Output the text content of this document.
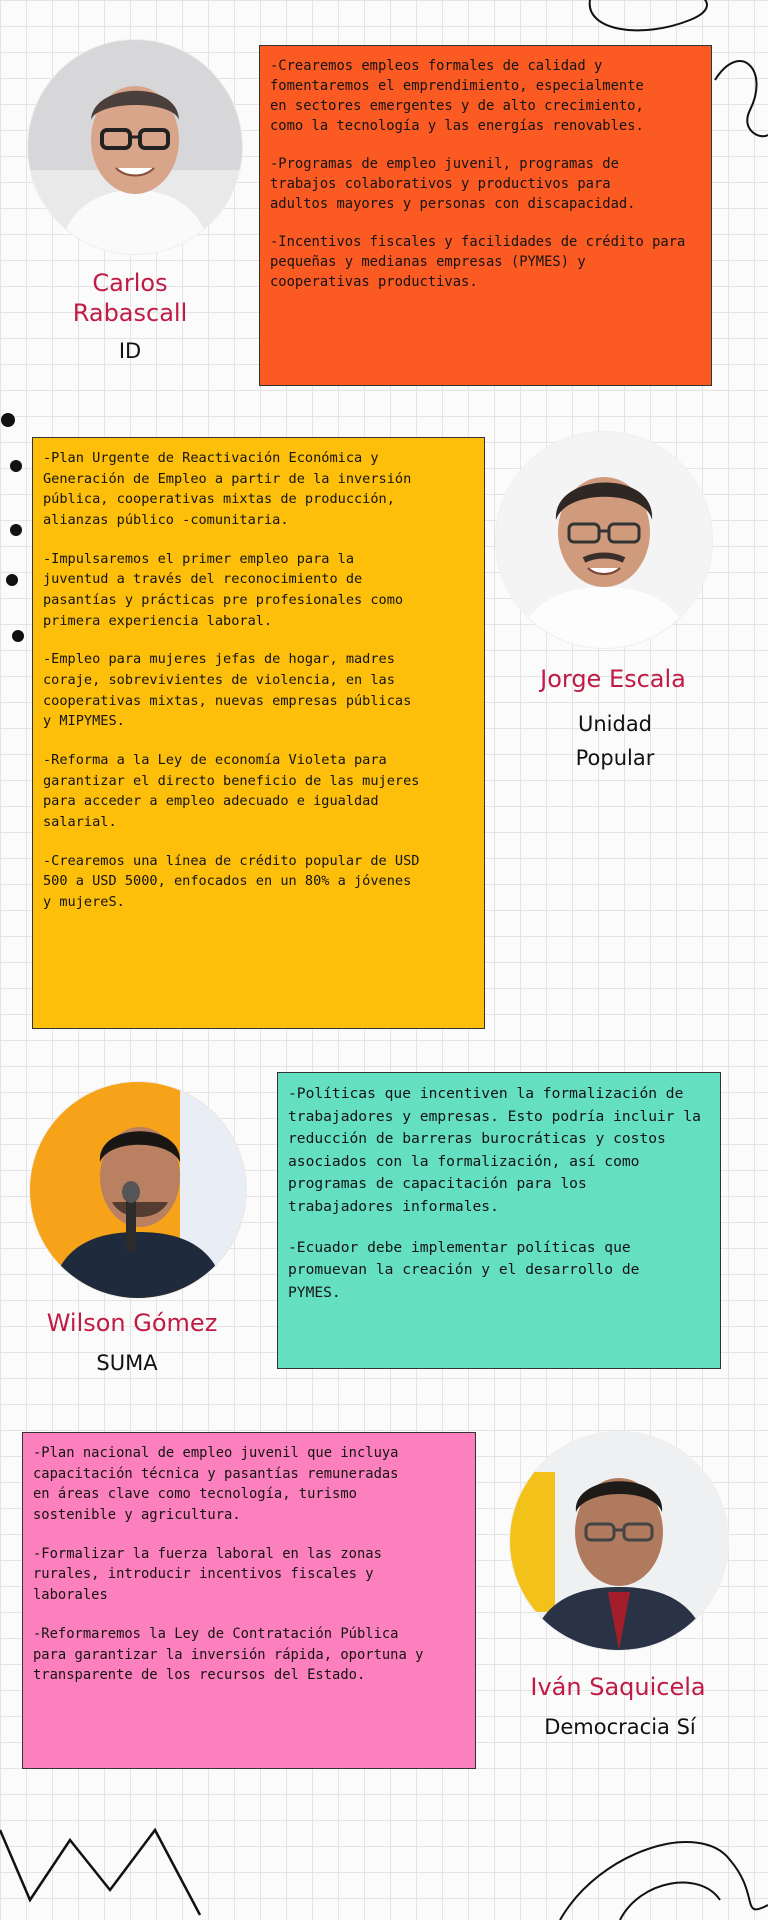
Carlos
Rabascall
ID

-Crearemos empleos formales de calidad y
fomentaremos el emprendimiento, especialmente
en sectores emergentes y de alto crecimiento,
como la tecnología y las energías renovables.

-Programas de empleo juvenil, programas de
trabajos colaborativos y productivos para
adultos mayores y personas con discapacidad.

-Incentivos fiscales y facilidades de crédito para
pequeñas y medianas empresas (PYMES) y
cooperativas productivas.

-Plan Urgente de Reactivación Económica y
Generación de Empleo a partir de la inversión
pública, cooperativas mixtas de producción,
alianzas público -comunitaria.

-Impulsaremos el primer empleo para la
juventud a través del reconocimiento de
pasantías y prácticas pre profesionales como
primera experiencia laboral.

-Empleo para mujeres jefas de hogar, madres
coraje, sobrevivientes de violencia, en las
cooperativas mixtas, nuevas empresas públicas
y MIPYMES.

-Reforma a la Ley de economía Violeta para
garantizar el directo beneficio de las mujeres
para acceder a empleo adecuado e igualdad
salarial.

-Crearemos una línea de crédito popular de USD
500 a USD 5000, enfocados en un 80% a jóvenes
y mujereS.

Jorge Escala
Unidad
Popular
Wilson Gómez
SUMA

-Políticas que incentiven la formalización de
trabajadores y empresas. Esto podría incluir la
reducción de barreras burocráticas y costos
asociados con la formalización, así como
programas de capacitación para los
trabajadores informales.

-Ecuador debe implementar políticas que
promuevan la creación y el desarrollo de
PYMES.

-Plan nacional de empleo juvenil que incluya
capacitación técnica y pasantías remuneradas
en áreas clave como tecnología, turismo
sostenible y agricultura.

-Formalizar la fuerza laboral en las zonas
rurales, introducir incentivos fiscales y
laborales

-Reformaremos la Ley de Contratación Pública
para garantizar la inversión rápida, oportuna y
transparente de los recursos del Estado.	Iván Saquicela
Democracia Sí
